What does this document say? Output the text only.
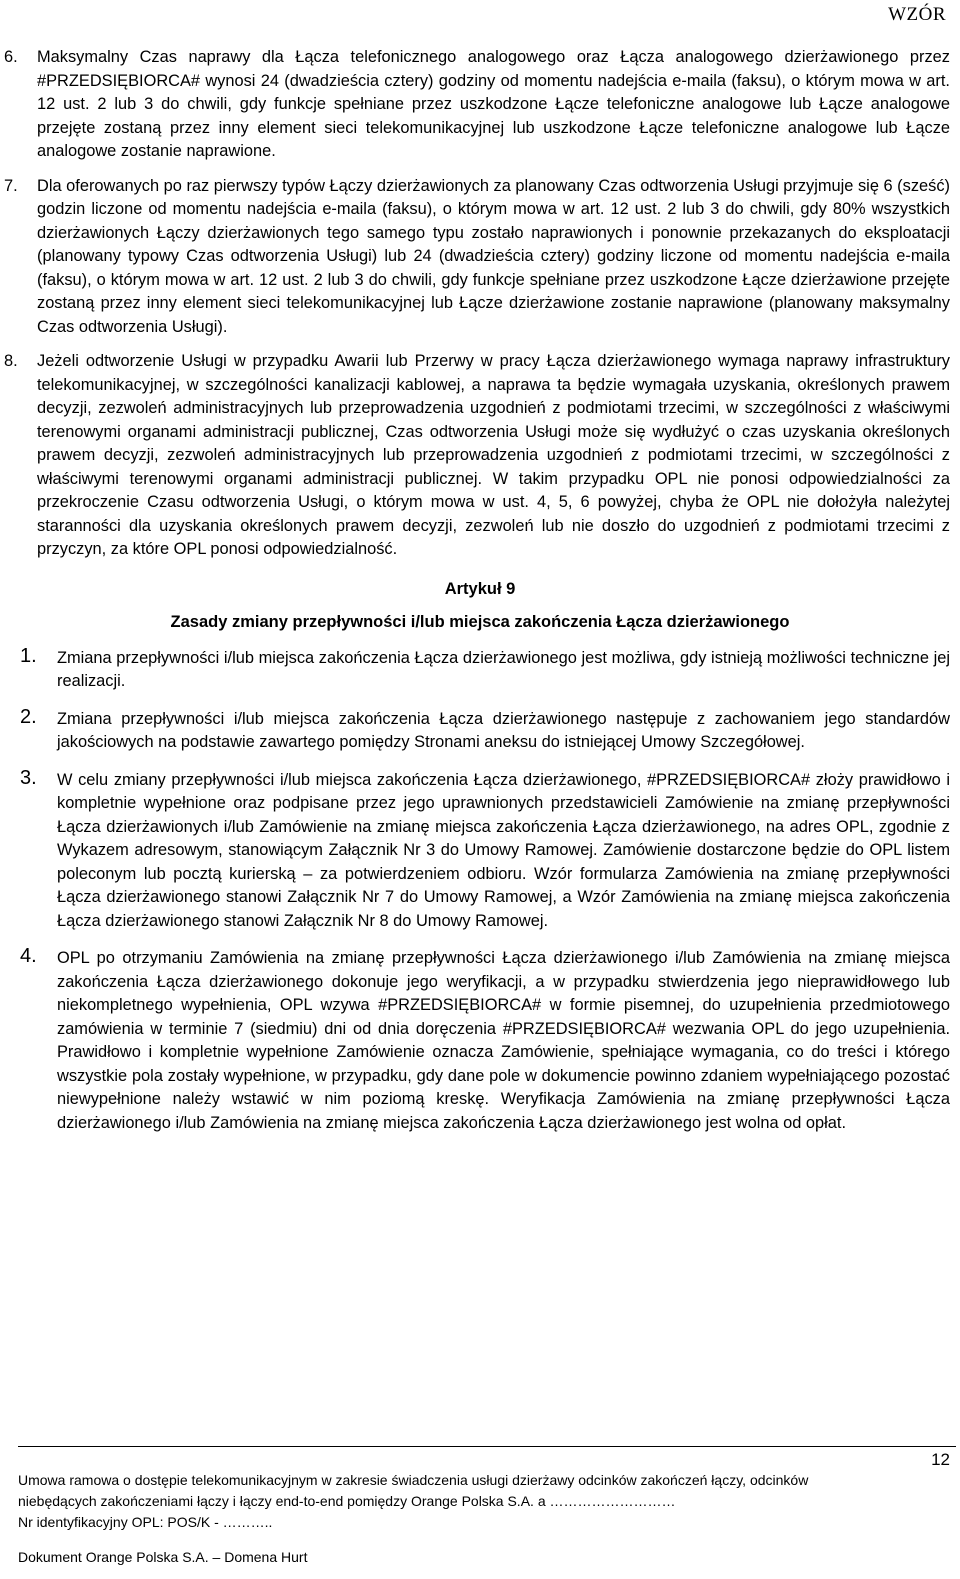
WZÓR
6. Maksymalny Czas naprawy dla Łącza telefonicznego analogowego oraz Łącza analogowego dzierżawionego przez #PRZEDSIĘBIORCA# wynosi 24 (dwadzieścia cztery) godziny od momentu nadejścia e-maila (faksu), o którym mowa w art. 12 ust. 2 lub 3 do chwili, gdy funkcje spełniane przez uszkodzone Łącze telefoniczne analogowe lub Łącze analogowe przejęte zostaną przez inny element sieci telekomunikacyjnej lub uszkodzone Łącze telefoniczne analogowe lub Łącze analogowe zostanie naprawione.
7. Dla oferowanych po raz pierwszy typów Łączy dzierżawionych za planowany Czas odtworzenia Usługi przyjmuje się 6 (sześć) godzin liczone od momentu nadejścia e-maila (faksu), o którym mowa w art. 12 ust. 2 lub 3 do chwili, gdy 80% wszystkich dzierżawionych Łączy dzierżawionych tego samego typu zostało naprawionych i ponownie przekazanych do eksploatacji (planowany typowy Czas odtworzenia Usługi) lub 24 (dwadzieścia cztery) godziny liczone od momentu nadejścia e-maila (faksu), o którym mowa w art. 12 ust. 2 lub 3 do chwili, gdy funkcje spełniane przez uszkodzone Łącze dzierżawione przejęte zostaną przez inny element sieci telekomunikacyjnej lub Łącze dzierżawione zostanie naprawione (planowany maksymalny Czas odtworzenia Usługi).
8. Jeżeli odtworzenie Usługi w przypadku Awarii lub Przerwy w pracy Łącza dzierżawionego wymaga naprawy infrastruktury telekomunikacyjnej, w szczególności kanalizacji kablowej, a naprawa ta będzie wymagała uzyskania, określonych prawem decyzji, zezwoleń administracyjnych lub przeprowadzenia uzgodnień z podmiotami trzecimi, w szczególności z właściwymi terenowymi organami administracji publicznej, Czas odtworzenia Usługi może się wydłużyć o czas uzyskania określonych prawem decyzji, zezwoleń administracyjnych lub przeprowadzenia uzgodnień z podmiotami trzecimi, w szczególności z właściwymi terenowymi organami administracji publicznej. W takim przypadku OPL nie ponosi odpowiedzialności za przekroczenie Czasu odtworzenia Usługi, o którym mowa w ust. 4, 5, 6 powyżej, chyba że OPL nie dołożyła należytej staranności dla uzyskania określonych prawem decyzji, zezwoleń lub nie doszło do uzgodnień z podmiotami trzecimi z przyczyn, za które OPL ponosi odpowiedzialność.
Artykuł 9
Zasady zmiany przepływności i/lub miejsca zakończenia Łącza dzierżawionego
1. Zmiana przepływności i/lub miejsca zakończenia Łącza dzierżawionego jest możliwa, gdy istnieją możliwości techniczne jej realizacji.
2. Zmiana przepływności i/lub miejsca zakończenia Łącza dzierżawionego następuje z zachowaniem jego standardów jakościowych na podstawie zawartego pomiędzy Stronami aneksu do istniejącej Umowy Szczegółowej.
3. W celu zmiany przepływności i/lub miejsca zakończenia Łącza dzierżawionego, #PRZEDSIĘBIORCA# złoży prawidłowo i kompletnie wypełnione oraz podpisane przez jego uprawnionych przedstawicieli Zamówienie na zmianę przepływności Łącza dzierżawionych i/lub Zamówienie na zmianę miejsca zakończenia Łącza dzierżawionego, na adres OPL, zgodnie z Wykazem adresowym, stanowiącym Załącznik Nr 3 do Umowy Ramowej. Zamówienie dostarczone będzie do OPL listem poleconym lub pocztą kurierską – za potwierdzeniem odbioru. Wzór formularza Zamówienia na zmianę przepływności Łącza dzierżawionego stanowi Załącznik Nr 7 do Umowy Ramowej, a Wzór Zamówienia na zmianę miejsca zakończenia Łącza dzierżawionego stanowi Załącznik Nr 8 do Umowy Ramowej.
4. OPL po otrzymaniu Zamówienia na zmianę przepływności Łącza dzierżawionego i/lub Zamówienia na zmianę miejsca zakończenia Łącza dzierżawionego dokonuje jego weryfikacji, a w przypadku stwierdzenia jego nieprawidłowego lub niekompletnego wypełnienia, OPL wzywa #PRZEDSIĘBIORCA# w formie pisemnej, do uzupełnienia przedmiotowego zamówienia w terminie 7 (siedmiu) dni od dnia doręczenia #PRZEDSIĘBIORCA# wezwania OPL do jego uzupełnienia. Prawidłowo i kompletnie wypełnione Zamówienie oznacza Zamówienie, spełniające wymagania, co do treści i którego wszystkie pola zostały wypełnione, w przypadku, gdy dane pole w dokumencie powinno zdaniem wypełniającego pozostać niewypełnione należy wstawić w nim poziomą kreskę. Weryfikacja Zamówienia na zmianę przepływności Łącza dzierżawionego i/lub Zamówienia na zmianę miejsca zakończenia Łącza dzierżawionego jest wolna od opłat.
12
Umowa ramowa o dostępie telekomunikacyjnym w zakresie świadczenia usługi dzierżawy odcinków zakończeń łączy, odcinków
niebędących zakończeniami łączy i łączy end-to-end pomiędzy Orange Polska S.A. a ………………………
Nr identyfikacyjny OPL: POS/K - ………..
Dokument Orange Polska S.A. – Domena Hurt
